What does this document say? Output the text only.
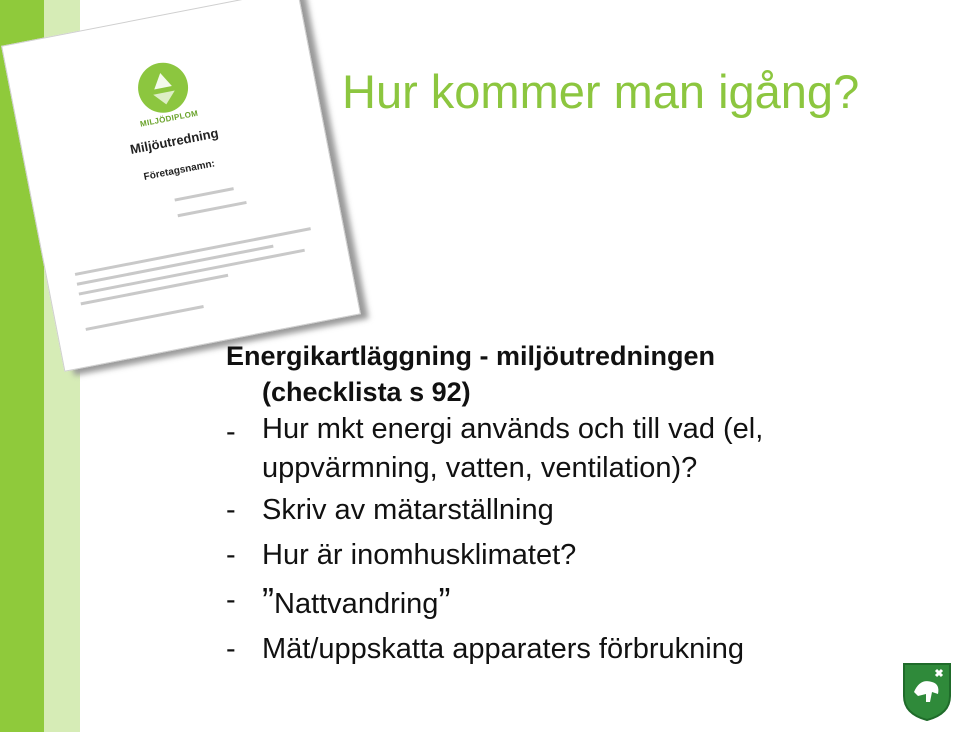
MILJÖDIPLOM
Miljöutredning
Företagsnamn:
Hur kommer man igång?
Energikartläggning - miljöutredningen
(checklista s 92)
- Hur mkt energi används och till vad (el, uppvärmning, vatten, ventilation)?
- Skriv av mätarställning
- Hur är inomhusklimatet?
- ”Nattvandring”
- Mät/uppskatta apparaters förbrukning
